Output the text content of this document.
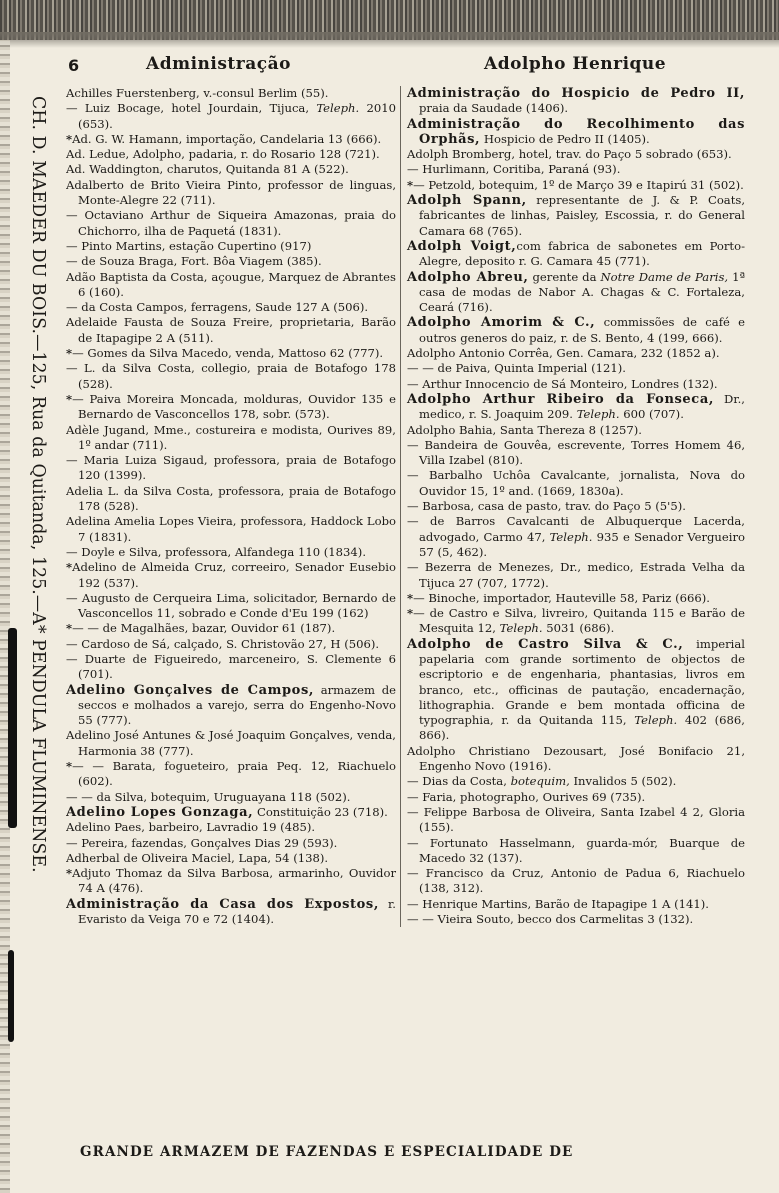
6	Administração	Adolpho Henrique
CH. D. MAEDER DU BOIS.—125, Rua da Quitanda, 125.—A* PENDULA FLUMINENSE.

Achilles Fuerstenberg, v.-consul Berlim (55).

— Luiz Bocage, hotel Jourdain, Tijuca, Teleph. 2010 (653).

*Ad. G. W. Hamann, importação, Candelaria 13 (666).

Ad. Ledue, Adolpho, padaria, r. do Rosario 128 (721).

Ad. Waddington, charutos, Quitanda 81 A (522).

Adalberto de Brito Vieira Pinto, professor de linguas, Monte-Alegre 22 (711).

— Octaviano Arthur de Siqueira Amazonas, praia do Chichorro, ilha de Paquetá (1831).

— Pinto Martins, estação Cupertino (917)

— de Souza Braga, Fort. Bôa Viagem (385).

Adão Baptista da Costa, açougue, Marquez de Abrantes 6 (160).

— da Costa Campos, ferragens, Saude 127 A (506).

Adelaide Fausta de Souza Freire, proprietaria, Barão de Itapagipe 2 A (511).

*— Gomes da Silva Macedo, venda, Mattoso 62 (777).

— L. da Silva Costa, collegio, praia de Botafogo 178 (528).

*— Paiva Moreira Moncada, molduras, Ouvidor 135 e Bernardo de Vasconcellos 178, sobr. (573).

Adèle Jugand, Mme., costureira e modista, Ourives 89, 1º andar (711).

— Maria Luiza Sigaud, professora, praia de Botafogo 120 (1399).

Adelia L. da Silva Costa, professora, praia de Botafogo 178 (528).

Adelina Amelia Lopes Vieira, professora, Haddock Lobo 7 (1831).

— Doyle e Silva, professora, Alfandega 110 (1834).

*Adelino de Almeida Cruz, correeiro, Senador Eusebio 192 (537).

— Augusto de Cerqueira Lima, solicitador, Bernardo de Vasconcellos 11, sobrado e Conde d'Eu 199 (162)

*— — de Magalhães, bazar, Ouvidor 61 (187).

— Cardoso de Sá, calçado, S. Christovão 27, H (506).

— Duarte de Figueiredo, marceneiro, S. Clemente 6 (701).

Adelino Gonçalves de Campos, armazem de seccos e molhados a varejo, serra do Engenho-Novo 55 (777).

Adelino José Antunes & José Joaquim Gonçalves, venda, Harmonia 38 (777).

*— — Barata, fogueteiro, praia Peq. 12, Riachuelo (602).

— — da Silva, botequim, Uruguayana 118 (502).

Adelino Lopes Gonzaga, Constituição 23 (718).

Adelino Paes, barbeiro, Lavradio 19 (485).

— Pereira, fazendas, Gonçalves Dias 29 (593).

Adherbal de Oliveira Maciel, Lapa, 54 (138).

*Adjuto Thomaz da Silva Barbosa, armarinho, Ouvidor 74 A (476).

Administração da Casa dos Expostos, r. Evaristo da Veiga 70 e 72 (1404).

Administração do Hospicio de Pedro II, praia da Saudade (1406).

Administração do Recolhimento das Orphãs, Hospicio de Pedro II (1405).

Adolph Bromberg, hotel, trav. do Paço 5 sobrado (653).

— Hurlimann, Coritiba, Paraná (93).

*— Petzold, botequim, 1º de Março 39 e Itapirú 31 (502).

Adolph Spann, representante de J. & P. Coats, fabricantes de linhas, Paisley, Escossia, r. do General Camara 68 (765).

Adolph Voigt,com fabrica de sabonetes em Porto-Alegre, deposito r. G. Camara 45 (771).

Adolpho Abreu, gerente da Notre Dame de Paris, 1ª casa de modas de Nabor A. Chagas & C. Fortaleza, Ceará (716).

Adolpho Amorim & C., commissões de café e outros generos do paiz, r. de S. Bento, 4 (199, 666).

Adolpho Antonio Corrêa, Gen. Camara, 232 (1852 a).

— — de Paiva, Quinta Imperial (121).

— Arthur Innocencio de Sá Monteiro, Londres (132).

Adolpho Arthur Ribeiro da Fonseca, Dr., medico, r. S. Joaquim 209. Teleph. 600 (707).

Adolpho Bahia, Santa Thereza 8 (1257).

— Bandeira de Gouvêa, escrevente, Torres Homem 46, Villa Izabel (810).

— Barbalho Uchôa Cavalcante, jornalista, Nova do Ouvidor 15, 1º and. (1669, 1830a).

— Barbosa, casa de pasto, trav. do Paço 5 (5'5).

— de Barros Cavalcanti de Albuquerque Lacerda, advogado, Carmo 47, Teleph. 935 e Senador Vergueiro 57 (5, 462).

— Bezerra de Menezes, Dr., medico, Estrada Velha da Tijuca 27 (707, 1772).

*— Binoche, importador, Hauteville 58, Pariz (666).

*— de Castro e Silva, livreiro, Quitanda 115 e Barão de Mesquita 12, Teleph. 5031 (686).

Adolpho de Castro Silva & C., imperial papelaria com grande sortimento de objectos de escriptorio e de engenharia, phantasias, livros em branco, etc., officinas de pautação, encadernação, lithographia. Grande e bem montada officina de typographia, r. da Quitanda 115, Teleph. 402 (686, 866).

Adolpho Christiano Dezousart, José Bonifacio 21, Engenho Novo (1916).

— Dias da Costa, botequim, Invalidos 5 (502).

— Faria, photographo, Ourives 69 (735).

— Felippe Barbosa de Oliveira, Santa Izabel 4 2, Gloria (155).

— Fortunato Hasselmann, guarda-mór, Buarque de Macedo 32 (137).

— Francisco da Cruz, Antonio de Padua 6, Riachuelo (138, 312).

— Henrique Martins, Barão de Itapagipe 1 A (141).

— — Vieira Souto, becco dos Carmelitas 3 (132).

GRANDE ARMAZEM DE FAZENDAS E ESPECIALIDADE DE
